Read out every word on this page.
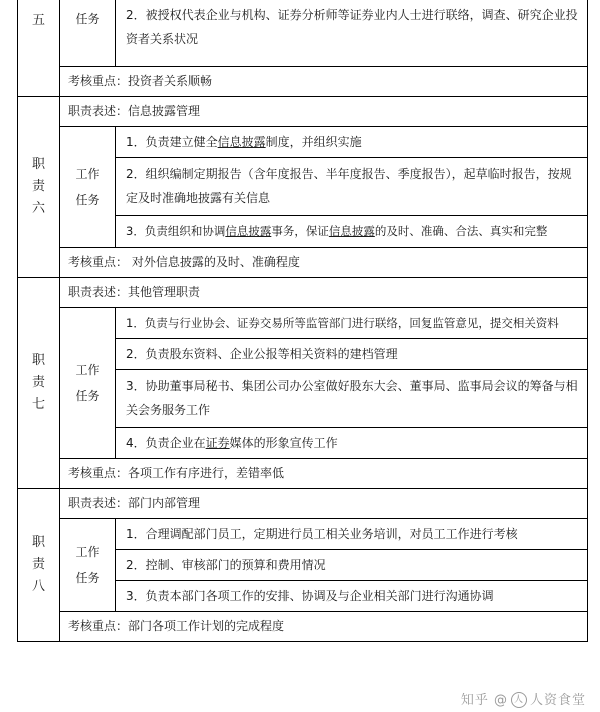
五	任务	2．被授权代表企业与机构、证券分析师等证券业内人士进行联络，调查、研究企业投资者关系状况
	考核重点：投资者关系顺畅	

职
责
六	职责表述：信息披露管理	

	工作
任务	1．负责建立健全信息披露制度，并组织实施
		2．组织编制定期报告（含年度报告、半年度报告、季度报告），起草临时报告，按规定及时准确地披露有关信息
		3．负责组织和协调信息披露事务，保证信息披露的及时、准确、合法、真实和完整
	考核重点： 对外信息披露的及时、准确程度	

职
责
七	职责表述：其他管理职责	

	工作
任务	1．负责与行业协会、证券交易所等监管部门进行联络，回复监管意见，提交相关资料
		2．负责股东资料、企业公报等相关资料的建档管理
		3．协助董事局秘书、集团公司办公室做好股东大会、董事局、监事局会议的筹备与相关会务服务工作
		4．负责企业在证券媒体的形象宣传工作
	考核重点：各项工作有序进行，差错率低	

职
责
八	职责表述：部门内部管理	

	工作
任务	1．合理调配部门员工，定期进行员工相关业务培训，对员工工作进行考核
		2．控制、审核部门的预算和费用情况
		3．负责本部门各项工作的安排、协调及与企业相关部门进行沟通协调
	考核重点：部门各项工作计划的完成程度	
知乎 @ 人 人资食堂
